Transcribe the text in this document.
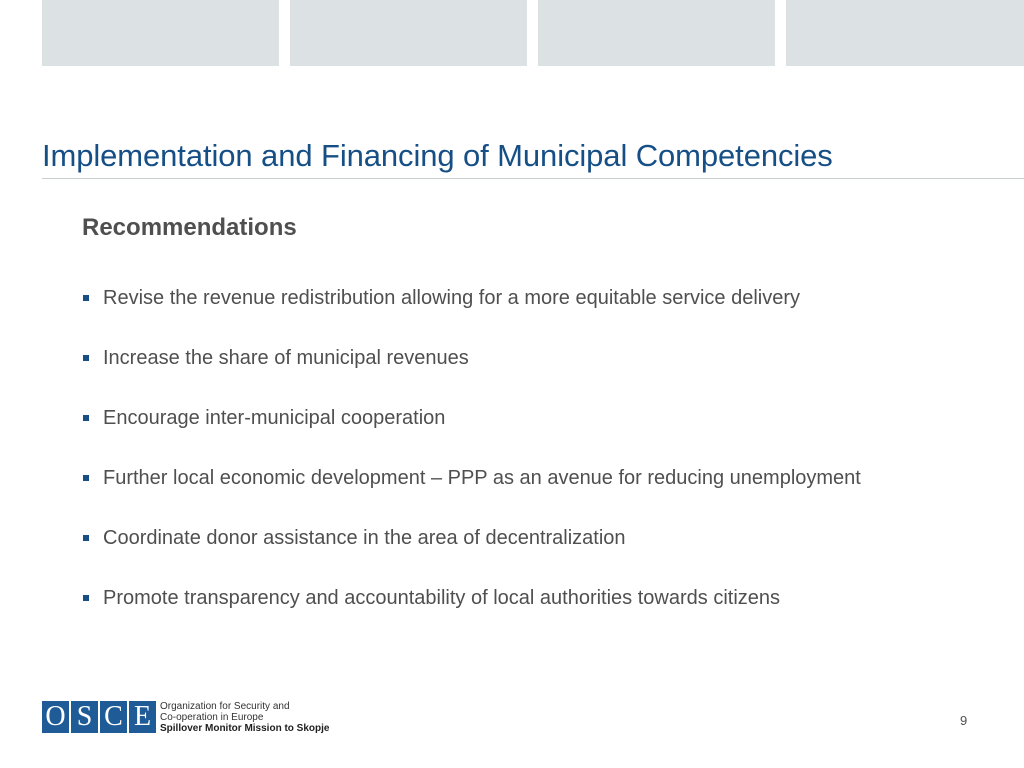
Implementation and Financing of Municipal Competencies
Recommendations
Revise the revenue redistribution allowing for a more equitable service delivery
Increase the share of municipal revenues
Encourage inter-municipal cooperation
Further local economic development – PPP as an avenue for reducing unemployment
Coordinate donor assistance in the area of decentralization
Promote transparency and accountability of local authorities towards citizens
O S C E Organization for Security and
Co-operation in Europe
Spillover Monitor Mission to Skopje
9
